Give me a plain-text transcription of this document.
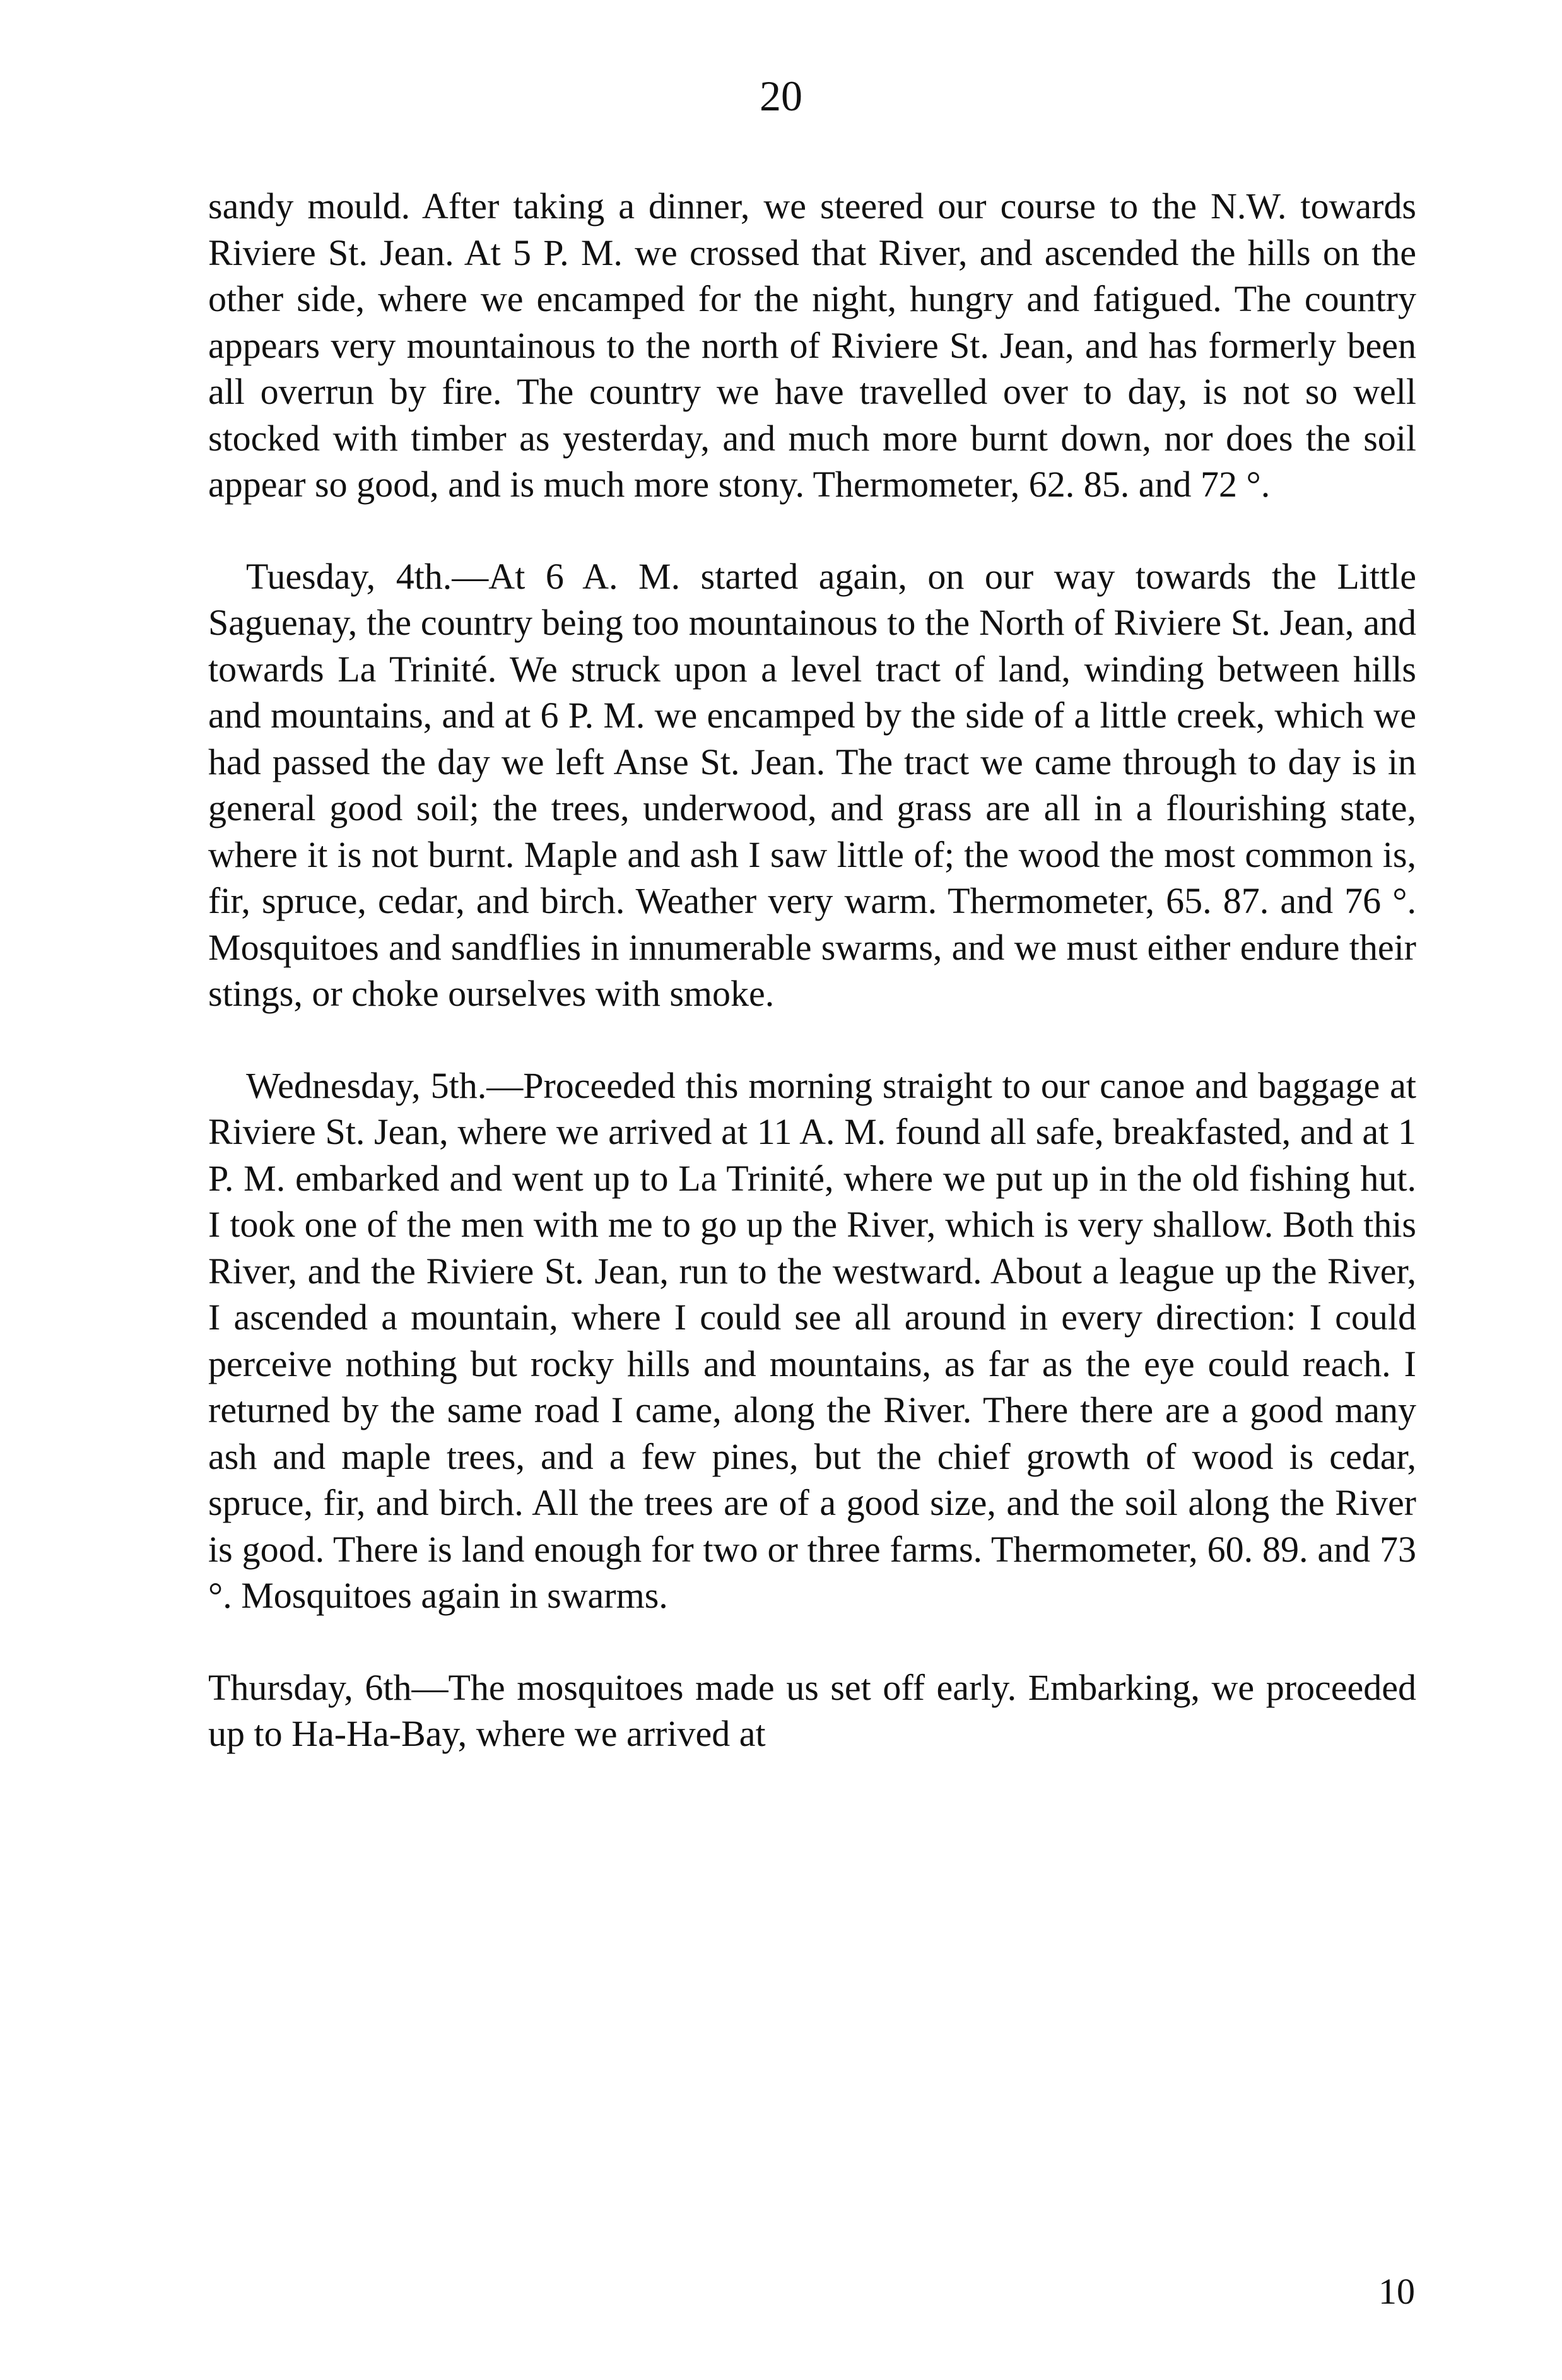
20

sandy mould. After taking a dinner, we steered our course to the N.W. towards Riviere St. Jean. At 5 P. M. we crossed that River, and ascended the hills on the other side, where we encamped for the night, hungry and fatigued. The country appears very mountainous to the north of Riviere St. Jean, and has formerly been all overrun by fire. The country we have travelled over to day, is not so well stocked with timber as yesterday, and much more burnt down, nor does the soil appear so good, and is much more stony. Thermometer, 62. 85. and 72 °.

Tuesday, 4th.—At 6 A. M. started again, on our way towards the Little Saguenay, the country being too mountainous to the North of Riviere St. Jean, and towards La Trinité. We struck upon a level tract of land, winding between hills and mountains, and at 6 P. M. we encamped by the side of a little creek, which we had passed the day we left Anse St. Jean. The tract we came through to day is in general good soil; the trees, underwood, and grass are all in a flourishing state, where it is not burnt. Maple and ash I saw little of; the wood the most common is, fir, spruce, cedar, and birch. Weather very warm. Thermometer, 65. 87. and 76 °. Mosquitoes and sandflies in innumerable swarms, and we must either endure their stings, or choke ourselves with smoke.

Wednesday, 5th.—Proceeded this morning straight to our canoe and baggage at Riviere St. Jean, where we arrived at 11 A. M. found all safe, breakfasted, and at 1 P. M. embarked and went up to La Trinité, where we put up in the old fishing hut. I took one of the men with me to go up the River, which is very shallow. Both this River, and the Riviere St. Jean, run to the westward. About a league up the River, I ascended a mountain, where I could see all around in every direction: I could perceive nothing but rocky hills and mountains, as far as the eye could reach. I returned by the same road I came, along the River. There there are a good many ash and maple trees, and a few pines, but the chief growth of wood is cedar, spruce, fir, and birch. All the trees are of a good size, and the soil along the River is good. There is land enough for two or three farms. Thermometer, 60. 89. and 73 °. Mosquitoes again in swarms.

Thursday, 6th—The mosquitoes made us set off early. Embarking, we proceeded up to Ha-Ha-Bay, where we arrived at

10
